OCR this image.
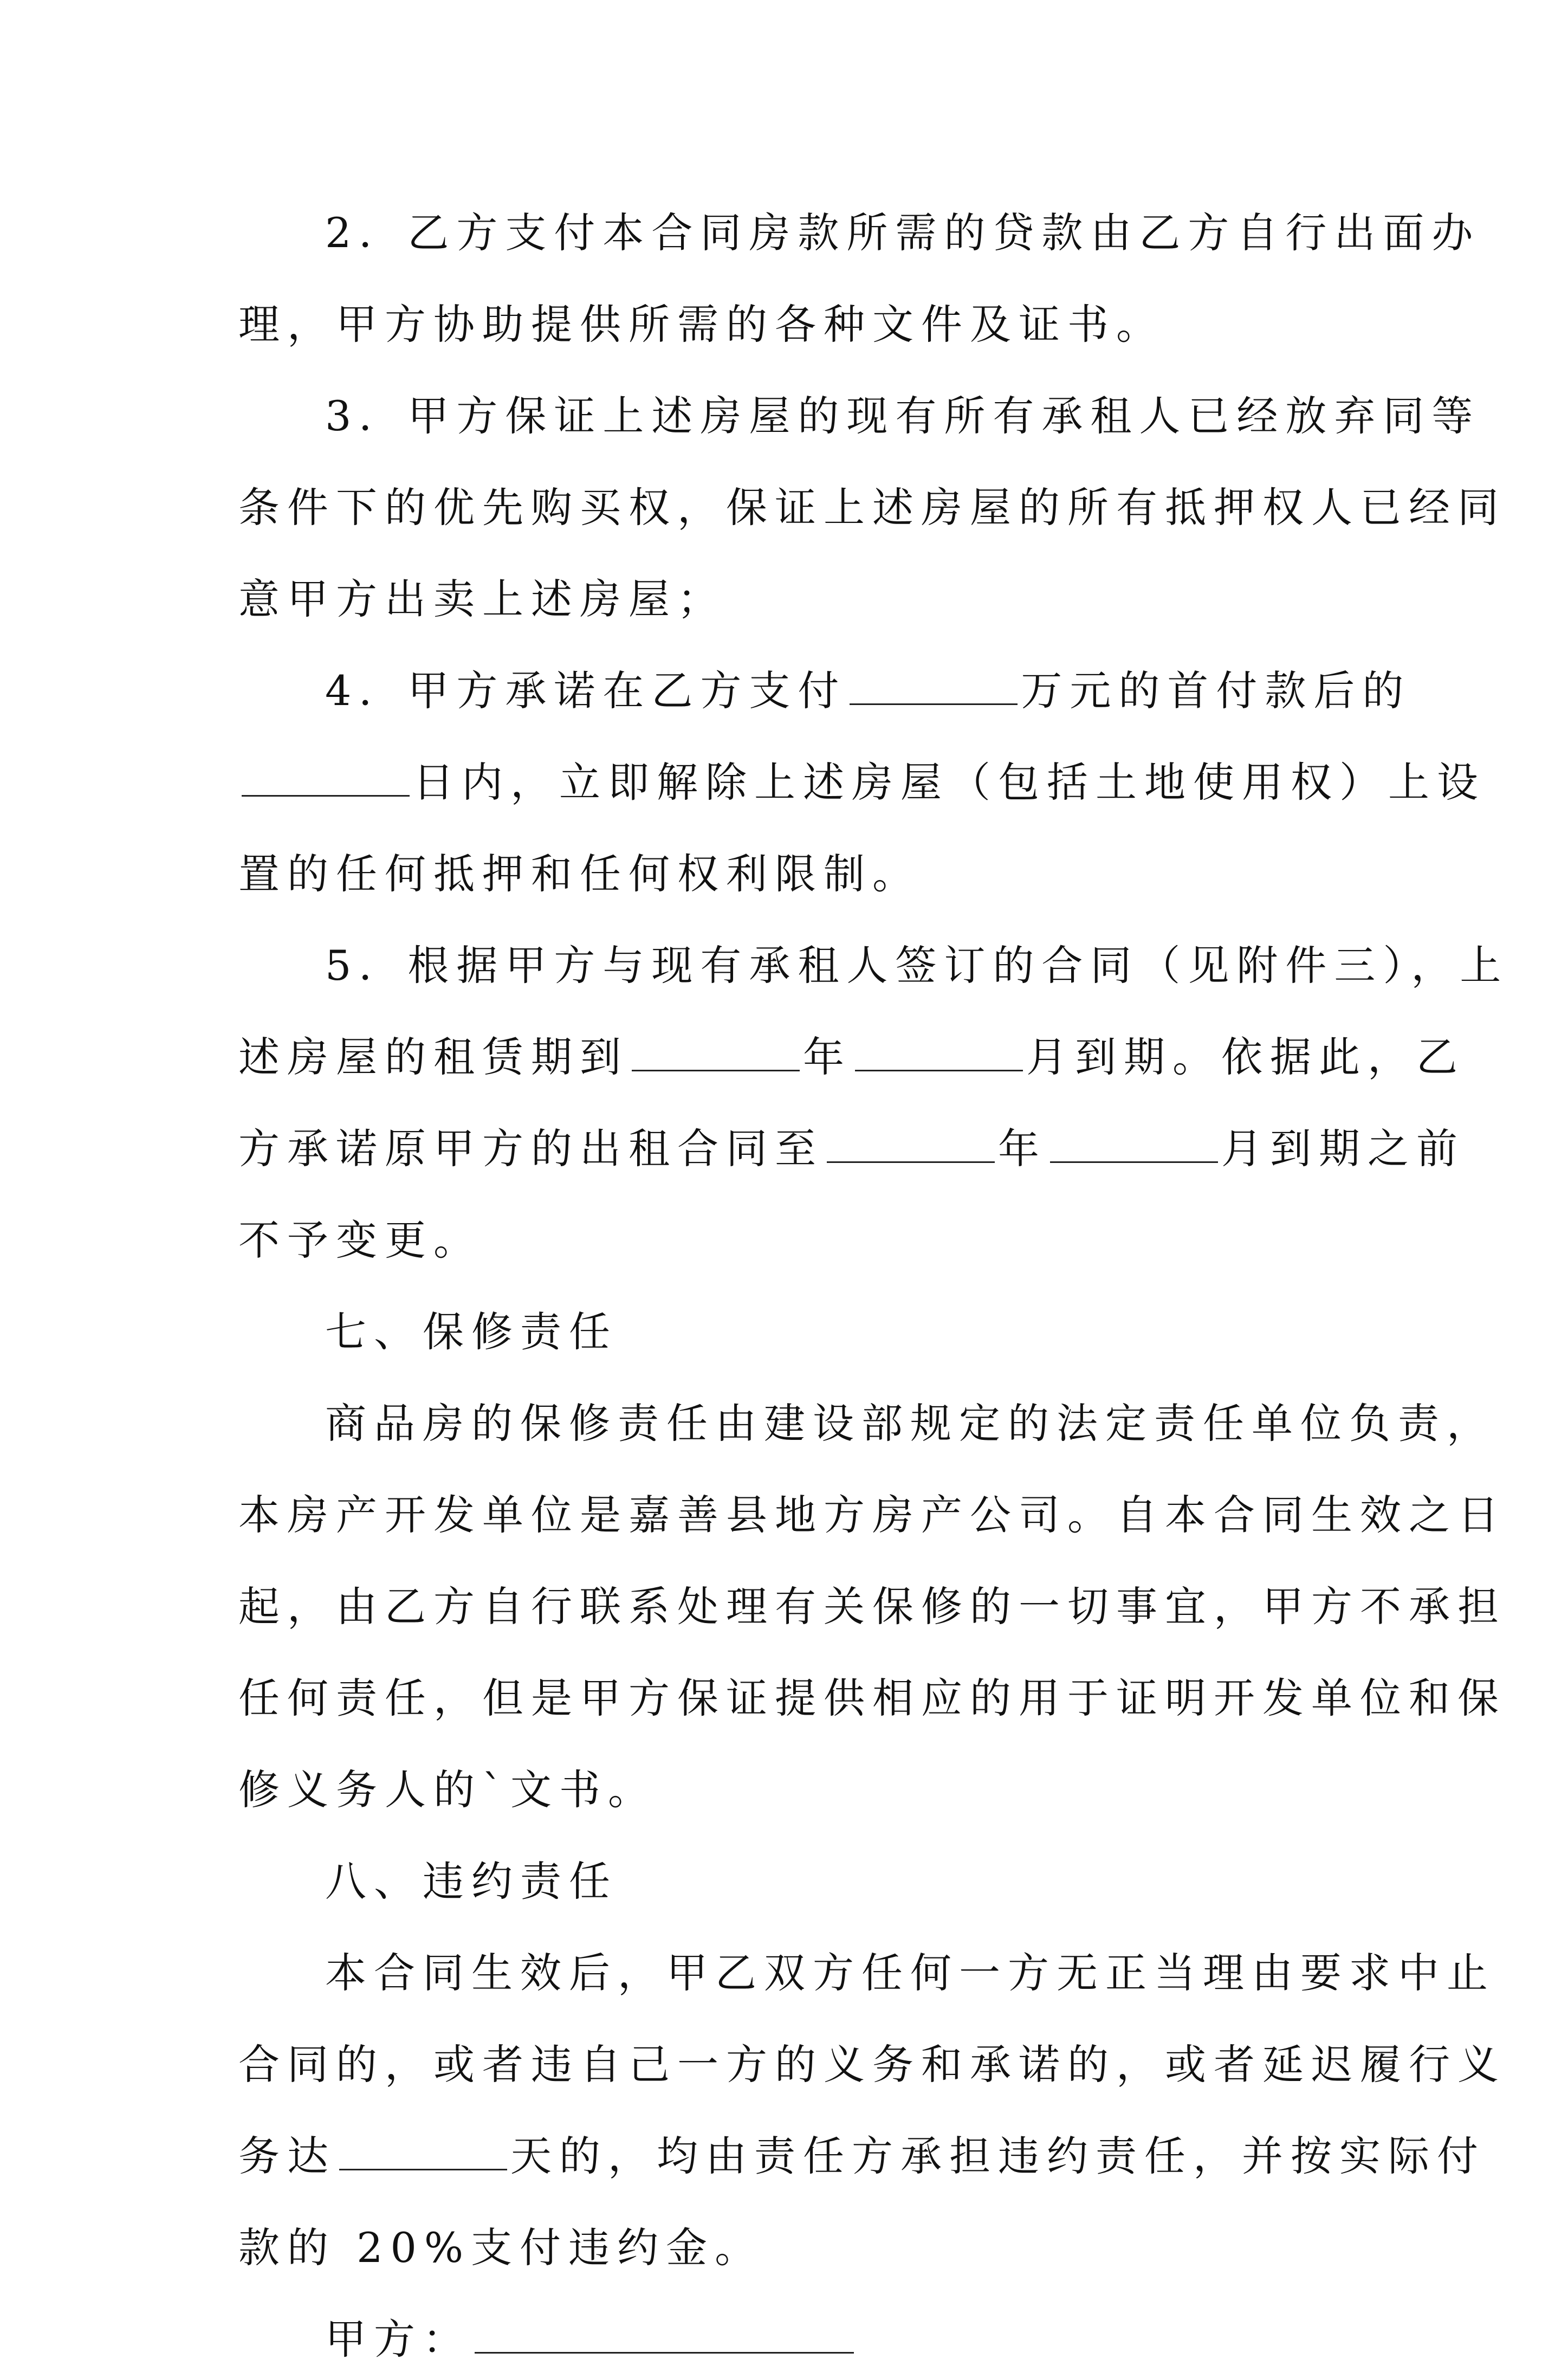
2．乙方支付本合同房款所需的贷款由乙方自行出面办
理，甲方协助提供所需的各种文件及证书。
3．甲方保证上述房屋的现有所有承租人已经放弃同等
条件下的优先购买权，保证上述房屋的所有抵押权人已经同
意甲方出卖上述房屋；
4．甲方承诺在乙方支付	万元的首付款后的
日内，立即解除上述房屋（包括土地使用权）上设
置的任何抵押和任何权利限制。
5．根据甲方与现有承租人签订的合同（见附件三），上
述房屋的租赁期到	年	月到期。依据此，乙
方承诺原甲方的出租合同至	年	月到期之前
不予变更。
七、保修责任
商品房的保修责任由建设部规定的法定责任单位负责，
本房产开发单位是嘉善县地方房产公司。自本合同生效之日
起，由乙方自行联系处理有关保修的一切事宜，甲方不承担
任何责任，但是甲方保证提供相应的用于证明开发单位和保
修义务人的`文书。
八、违约责任
本合同生效后，甲乙双方任何一方无正当理由要求中止
合同的，或者违自己一方的义务和承诺的，或者延迟履行义
务达	天的，均由责任方承担违约责任，并按实际付
款的 20%支付违约金。
甲方：
